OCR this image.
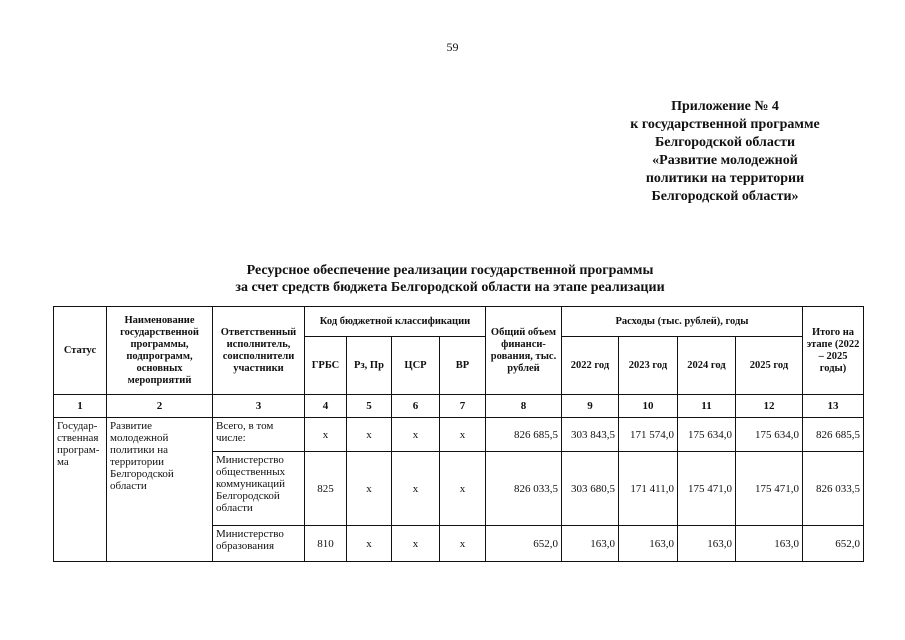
59
Приложение № 4
к государственной программе
Белгородской области
«Развитие молодежной
политики на территории
Белгородской области»
Ресурсное обеспечение реализации государственной программы
за счет средств бюджета Белгородской области на этапе реализации
Статус	Наименование государственной программы, подпрограмм, основных мероприятий	Ответственный исполнитель, соисполнители участники	Код бюджетной классификации				Общий объем финанси-рования, тыс. рублей	Расходы (тыс. рублей), годы				Итого на этапе (2022 – 2025 годы)
			ГРБС	Рз, Пр	ЦСР	ВР		2022 год	2023 год	2024 год	2025 год	
1	2	3	4	5	6	7	8	9	10	11	12	13
Государ-ственная програм-ма	Развитие молодежной политики на территории Белгородской области	Всего, в том числе:	х	х	х	х	826 685,5	303 843,5	171 574,0	175 634,0	175 634,0	826 685,5
		Министерство общественных коммуникаций Белгородской области	825	х	х	х	826 033,5	303 680,5	171 411,0	175 471,0	175 471,0	826 033,5
		Министерство образования	810	х	х	х	652,0	163,0	163,0	163,0	163,0	652,0
